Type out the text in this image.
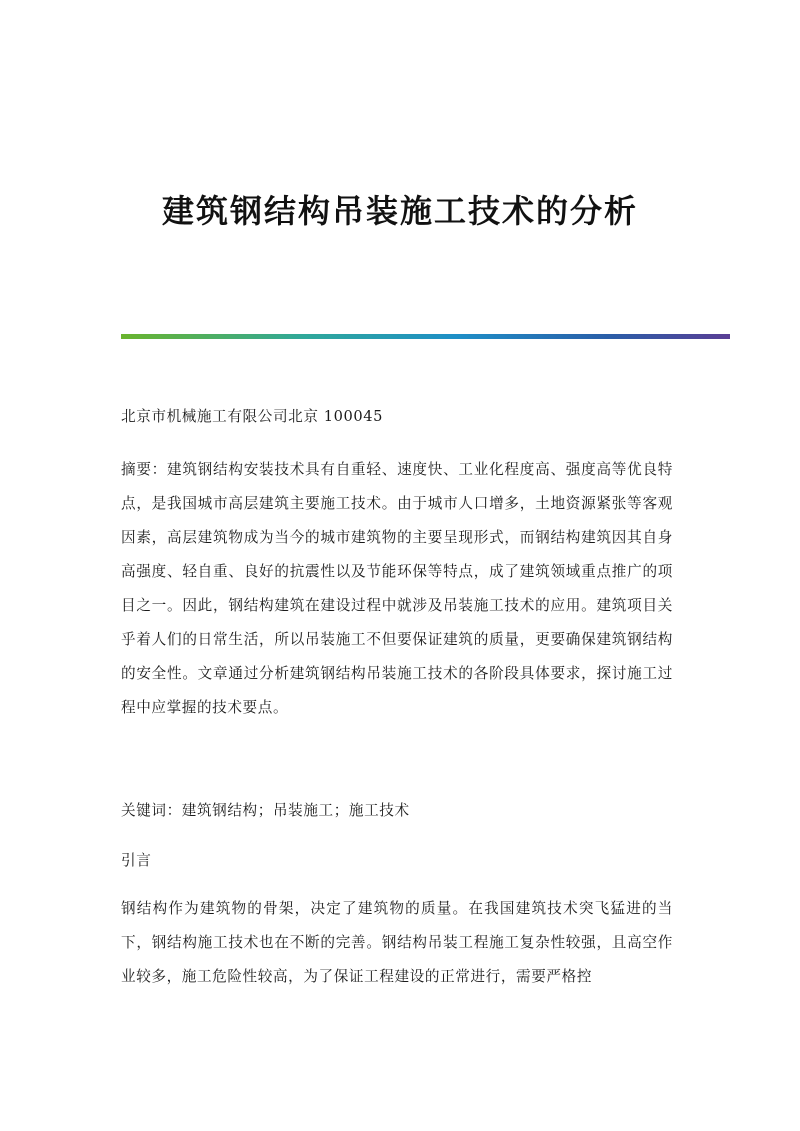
建筑钢结构吊装施工技术的分析
北京市机械施工有限公司北京 100045
摘要：建筑钢结构安装技术具有自重轻、速度快、工业化程度高、强度高等优良特点，是我国城市高层建筑主要施工技术。由于城市人口增多，土地资源紧张等客观因素，高层建筑物成为当今的城市建筑物的主要呈现形式，而钢结构建筑因其自身高强度、轻自重、良好的抗震性以及节能环保等特点，成了建筑领域重点推广的项目之一。因此，钢结构建筑在建设过程中就涉及吊装施工技术的应用。建筑项目关乎着人们的日常生活，所以吊装施工不但要保证建筑的质量，更要确保建筑钢结构的安全性。文章通过分析建筑钢结构吊装施工技术的各阶段具体要求，探讨施工过程中应掌握的技术要点。
关键词：建筑钢结构；吊装施工；施工技术
引言
钢结构作为建筑物的骨架，决定了建筑物的质量。在我国建筑技术突飞猛进的当下，钢结构施工技术也在不断的完善。钢结构吊装工程施工复杂性较强，且高空作业较多，施工危险性较高，为了保证工程建设的正常进行，需要严格控
